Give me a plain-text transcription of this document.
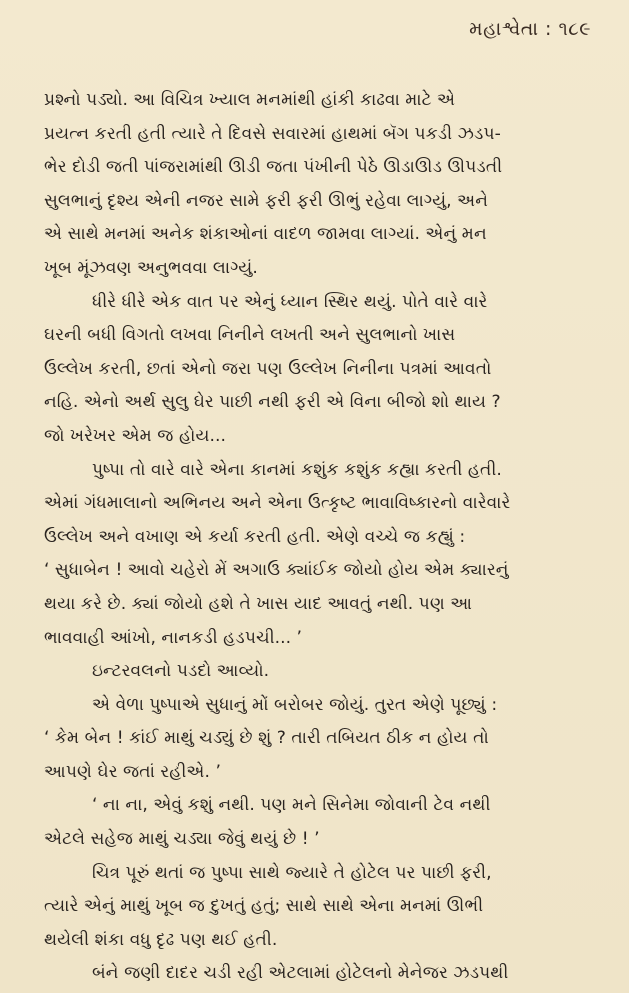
મહાશ્વેતા : ૧૮૯
પ્રશ્નો પડ્યો. આ વિચિત્ર ખ્યાલ મનમાંથી હાંકી કાઢવા માટે એ
પ્રયત્ન કરતી હતી ત્યારે તે દિવસે સવારમાં હાથમાં બૅગ પકડી ઝડપ-
ભેર દોડી જતી પાંજરામાંથી ઊડી જતા પંખીની પેઠે ઊડાઊડ ઊપડતી
સુલભાનું દૃશ્ય એની નજર સામે ફરી ફરી ઊભું રહેવા લાગ્યું, અને
એ સાથે મનમાં અનેક શંકાઓનાં વાદળ જામવા લાગ્યાં. એનું મન
ખૂબ મૂંઝવણ અનુભવવા લાગ્યું.
ધીરે ધીરે એક વાત પર એનું ધ્યાન સ્થિર થયું. પોતે વારે વારે
ઘરની બધી વિગતો લખવા નિનીને લખતી અને સુલભાનો ખાસ
ઉલ્લેખ કરતી, છતાં એનો જરા પણ ઉલ્લેખ નિનીના પત્રમાં આવતો
નહિ. એનો અર્થ સુલુ ઘેર પાછી નથી ફરી એ વિના બીજો શો થાય ?
જો ખરેખર એમ જ હોય...
પુષ્પા તો વારે વારે એના કાનમાં કશુંક કશુંક કહ્યા કરતી હતી.
એમાં ગંધમાલાનો અભિનય અને એના ઉત્કૃષ્ટ ભાવાવિષ્કારનો વારેવારે
ઉલ્લેખ અને વખાણ એ કર્યા કરતી હતી. એણે વચ્ચે જ કહ્યું :
‘ સુધાબેન ! આવો ચહેરો મેં અગાઉ ક્યાંઈક જોયો હોય એમ ક્યારનું
થયા કરે છે. ક્યાં જોયો હશે તે ખાસ યાદ આવતું નથી. પણ આ
ભાવવાહી આંખો, નાનકડી હડપચી... ’
ઇન્ટરવલનો પડદો આવ્યો.
એ વેળા પુષ્પાએ સુધાનું મોં બરોબર જોયું. તુરત એણે પૂછ્યું :
‘ કેમ બેન ! કાંઈ માથું ચડ્યું છે શું ? તારી તબિયત ઠીક ન હોય તો
આપણે ઘેર જતાં રહીએ. ’
‘ ના ના, એવું કશું નથી. પણ મને સિનેમા જોવાની ટેવ નથી
એટલે સહેજ માથું ચડ્યા જેવું થયું છે ! ’
ચિત્ર પૂરું થતાં જ પુષ્પા સાથે જ્યારે તે હોટેલ પર પાછી ફરી,
ત્યારે એનું માથું ખૂબ જ દુખતું હતું; સાથે સાથે એના મનમાં ઊભી
થયેલી શંકા વધુ દૃઢ પણ થઈ હતી.
બંને જણી દાદર ચડી રહી એટલામાં હોટેલનો મેનેજર ઝડપથી
